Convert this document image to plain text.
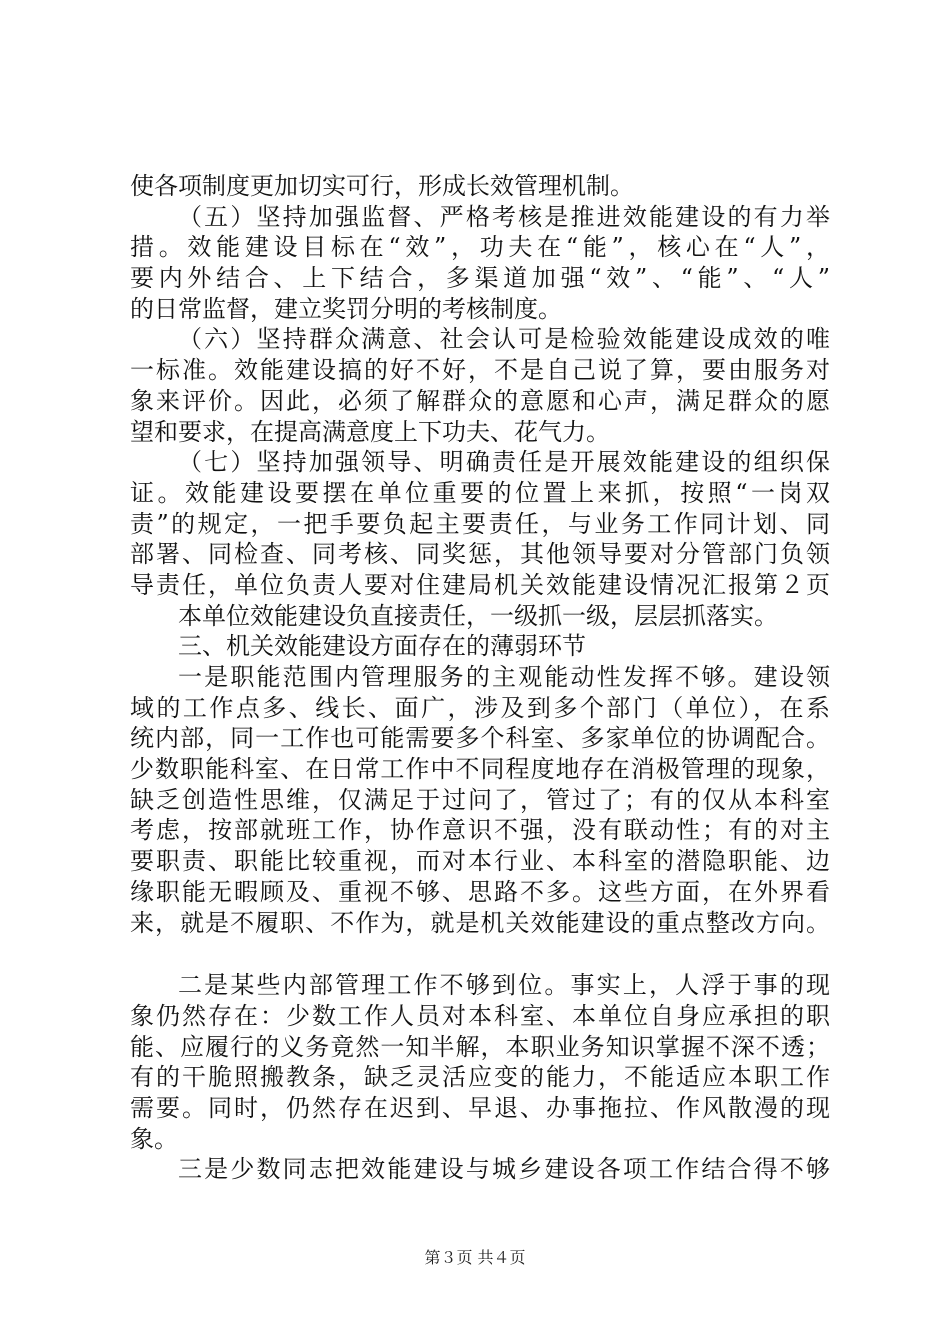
使各项制度更加切实可行，形成长效管理机制。
（五）坚持加强监督、严格考核是推进效能建设的有力举
措。效能建设目标在“效”，功夫在“能”，核心在“人”，
要内外结合、上下结合，多渠道加强“效”、“能”、“人”
的日常监督，建立奖罚分明的考核制度。
（六）坚持群众满意、社会认可是检验效能建设成效的唯
一标准。效能建设搞的好不好，不是自己说了算，要由服务对
象来评价。因此，必须了解群众的意愿和心声，满足群众的愿
望和要求，在提高满意度上下功夫、花气力。
（七）坚持加强领导、明确责任是开展效能建设的组织保
证。效能建设要摆在单位重要的位置上来抓，按照“一岗双
责”的规定，一把手要负起主要责任，与业务工作同计划、同
部署、同检查、同考核、同奖惩，其他领导要对分管部门负领
导责任，单位负责人要对住建局机关效能建设情况汇报第２页
本单位效能建设负直接责任，一级抓一级，层层抓落实。
三、机关效能建设方面存在的薄弱环节
一是职能范围内管理服务的主观能动性发挥不够。建设领
域的工作点多、线长、面广，涉及到多个部门（单位），在系
统内部，同一工作也可能需要多个科室、多家单位的协调配合。
少数职能科室、在日常工作中不同程度地存在消极管理的现象，
缺乏创造性思维，仅满足于过问了，管过了；有的仅从本科室
考虑，按部就班工作，协作意识不强，没有联动性；有的对主
要职责、职能比较重视，而对本行业、本科室的潜隐职能、边
缘职能无暇顾及、重视不够、思路不多。这些方面，在外界看
来，就是不履职、不作为，就是机关效能建设的重点整改方向。
二是某些内部管理工作不够到位。事实上，人浮于事的现
象仍然存在：少数工作人员对本科室、本单位自身应承担的职
能、应履行的义务竟然一知半解，本职业务知识掌握不深不透；
有的干脆照搬教条，缺乏灵活应变的能力，不能适应本职工作
需要。同时，仍然存在迟到、早退、办事拖拉、作风散漫的现
象。
三是少数同志把效能建设与城乡建设各项工作结合得不够
第３页 共４页
